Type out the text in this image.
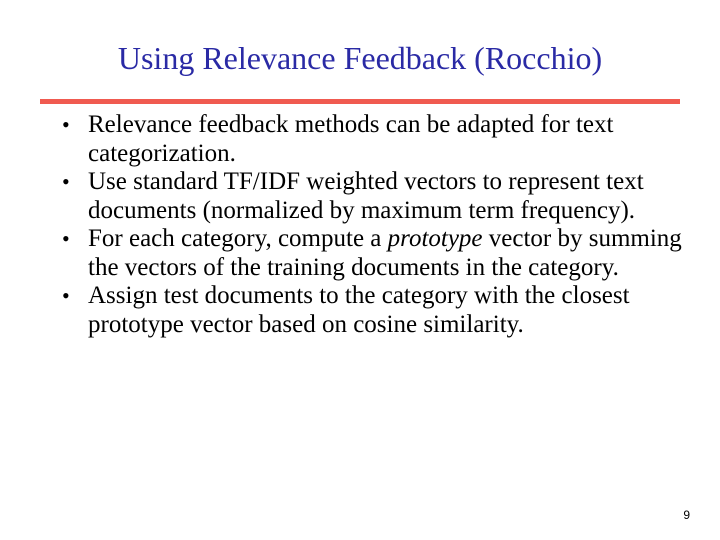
Using Relevance Feedback (Rocchio)
• Relevance feedback methods can be adapted for text categorization.
• Use standard TF/IDF weighted vectors to represent text documents (normalized by maximum term frequency).
• For each category, compute a prototype vector by summing the vectors of the training documents in the category.
• Assign test documents to the category with the closest prototype vector based on cosine similarity.
9
